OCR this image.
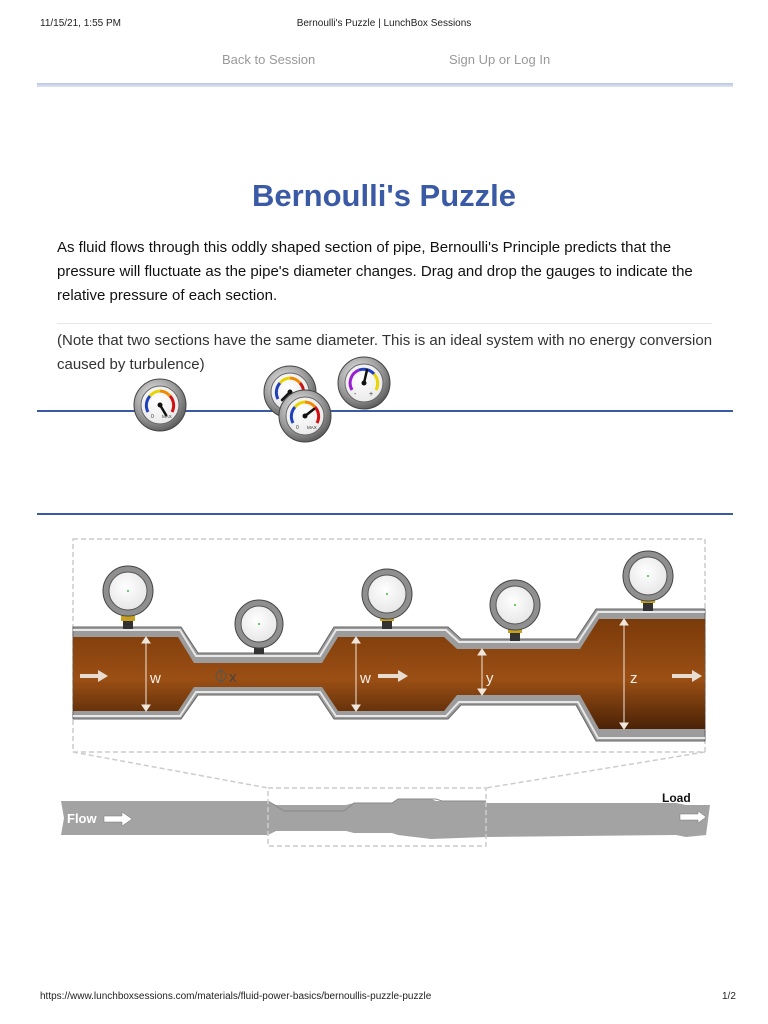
11/15/21, 1:55 PM	Bernoulli's Puzzle | LunchBox Sessions
Back to Session	Sign Up or Log In
Bernoulli's Puzzle

As fluid flows through this oddly shaped section of pipe, Bernoulli's Principle predicts that the pressure will fluctuate as the pipe's diameter changes. Drag and drop the gauges to indicate the relative pressure of each section.

(Note that two sections have the same diameter. This is an ideal system with no energy conversion caused by turbulence)

0 MAX
0 MAX
- +
w	x	w	y	z
Flow
Load
https://www.lunchboxsessions.com/materials/fluid-power-basics/bernoullis-puzzle-puzzle	1/2
